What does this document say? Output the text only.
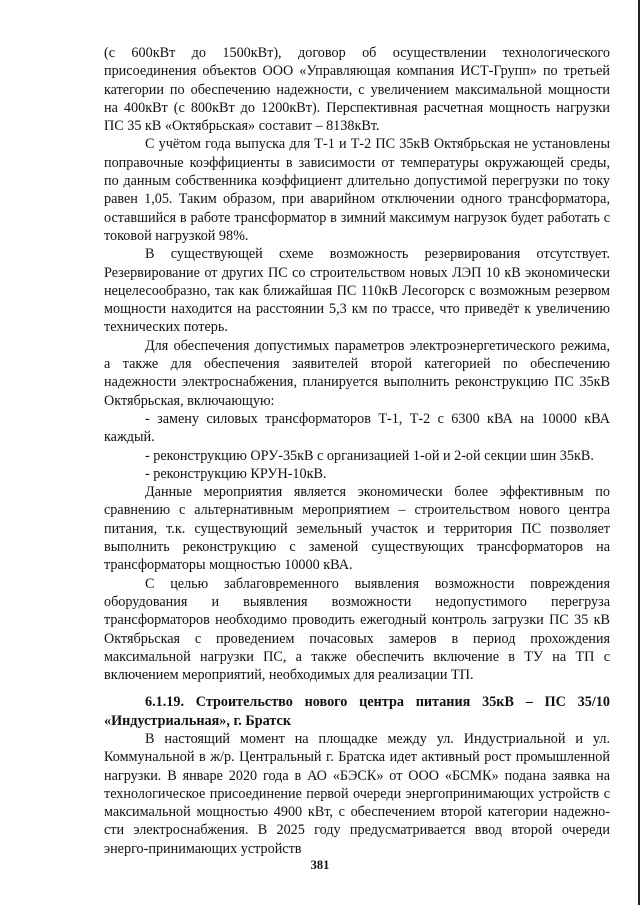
(с 600кВт до 1500кВт), договор об осуществлении технологического присоединения объектов ООО «Управляющая компания ИСТ-Групп» по третьей категории по обеспечению надежности, с увеличением максимальной мощности на 400кВт (с 800кВт до 1200кВт). Перспективная расчетная мощность нагрузки ПС 35 кВ «Октябрьская» составит – 8138кВт.

С учётом года выпуска для Т-1 и Т-2 ПС 35кВ Октябрьская не установлены поправочные коэффициенты в зависимости от температуры окружающей среды, по данным собственника коэффициент длительно допустимой перегрузки по току равен 1,05. Таким образом, при аварийном отключении одного трансформатора, оставшийся в работе трансформатор в зимний максимум нагрузок будет работать с токовой нагрузкой 98%.

В существующей схеме возможность резервирования отсутствует. Резервирование от других ПС со строительством новых ЛЭП 10 кВ экономически нецелесообразно, так как ближайшая ПС 110кВ Лесогорск с возможным резервом мощности находится на расстоянии 5,3 км по трассе, что приведёт к увеличению технических потерь.

Для обеспечения допустимых параметров электроэнергетического режима, а также для обеспечения заявителей второй категорией по обеспечению надежности электроснабжения, планируется выполнить реконструкцию ПС 35кВ Октябрьская, включающую:

- замену силовых трансформаторов Т-1, Т-2 с 6300 кВА на 10000 кВА каждый.

- реконструкцию ОРУ-35кВ с организацией 1-ой и 2-ой секции шин 35кВ.

- реконструкцию КРУН-10кВ.

Данные мероприятия является экономически более эффективным по сравнению с альтернативным мероприятием – строительством нового центра питания, т.к. существующий земельный участок и территория ПС позволяет выполнить реконструкцию с заменой существующих трансформаторов на трансформаторы мощностью 10000 кВА.

С целью заблаговременного выявления возможности повреждения оборудования и выявления возможности недопустимого перегруза трансформаторов необходимо проводить ежегодный контроль загрузки ПС 35 кВ Октябрьская с проведением почасовых замеров в период прохождения максимальной нагрузки ПС, а также обеспечить включение в ТУ на ТП с включением мероприятий, необходимых для реализации ТП.

6.1.19. Строительство нового центра питания 35кВ – ПС 35/10 «Индустриальная», г. Братск

В настоящий момент на площадке между ул. Индустриальной и ул. Коммунальной в ж/р. Центральный г. Братска идет активный рост промышленной нагрузки. В январе 2020 года в АО «БЭСК» от ООО «БСМК» подана заявка на технологическое присоединение первой очереди энергопринимающих устройств с максимальной мощностью 4900 кВт, с обеспечением второй категории надежно-сти электроснабжения. В 2025 году предусматривается ввод второй очереди энерго-принимающих устройств

381
